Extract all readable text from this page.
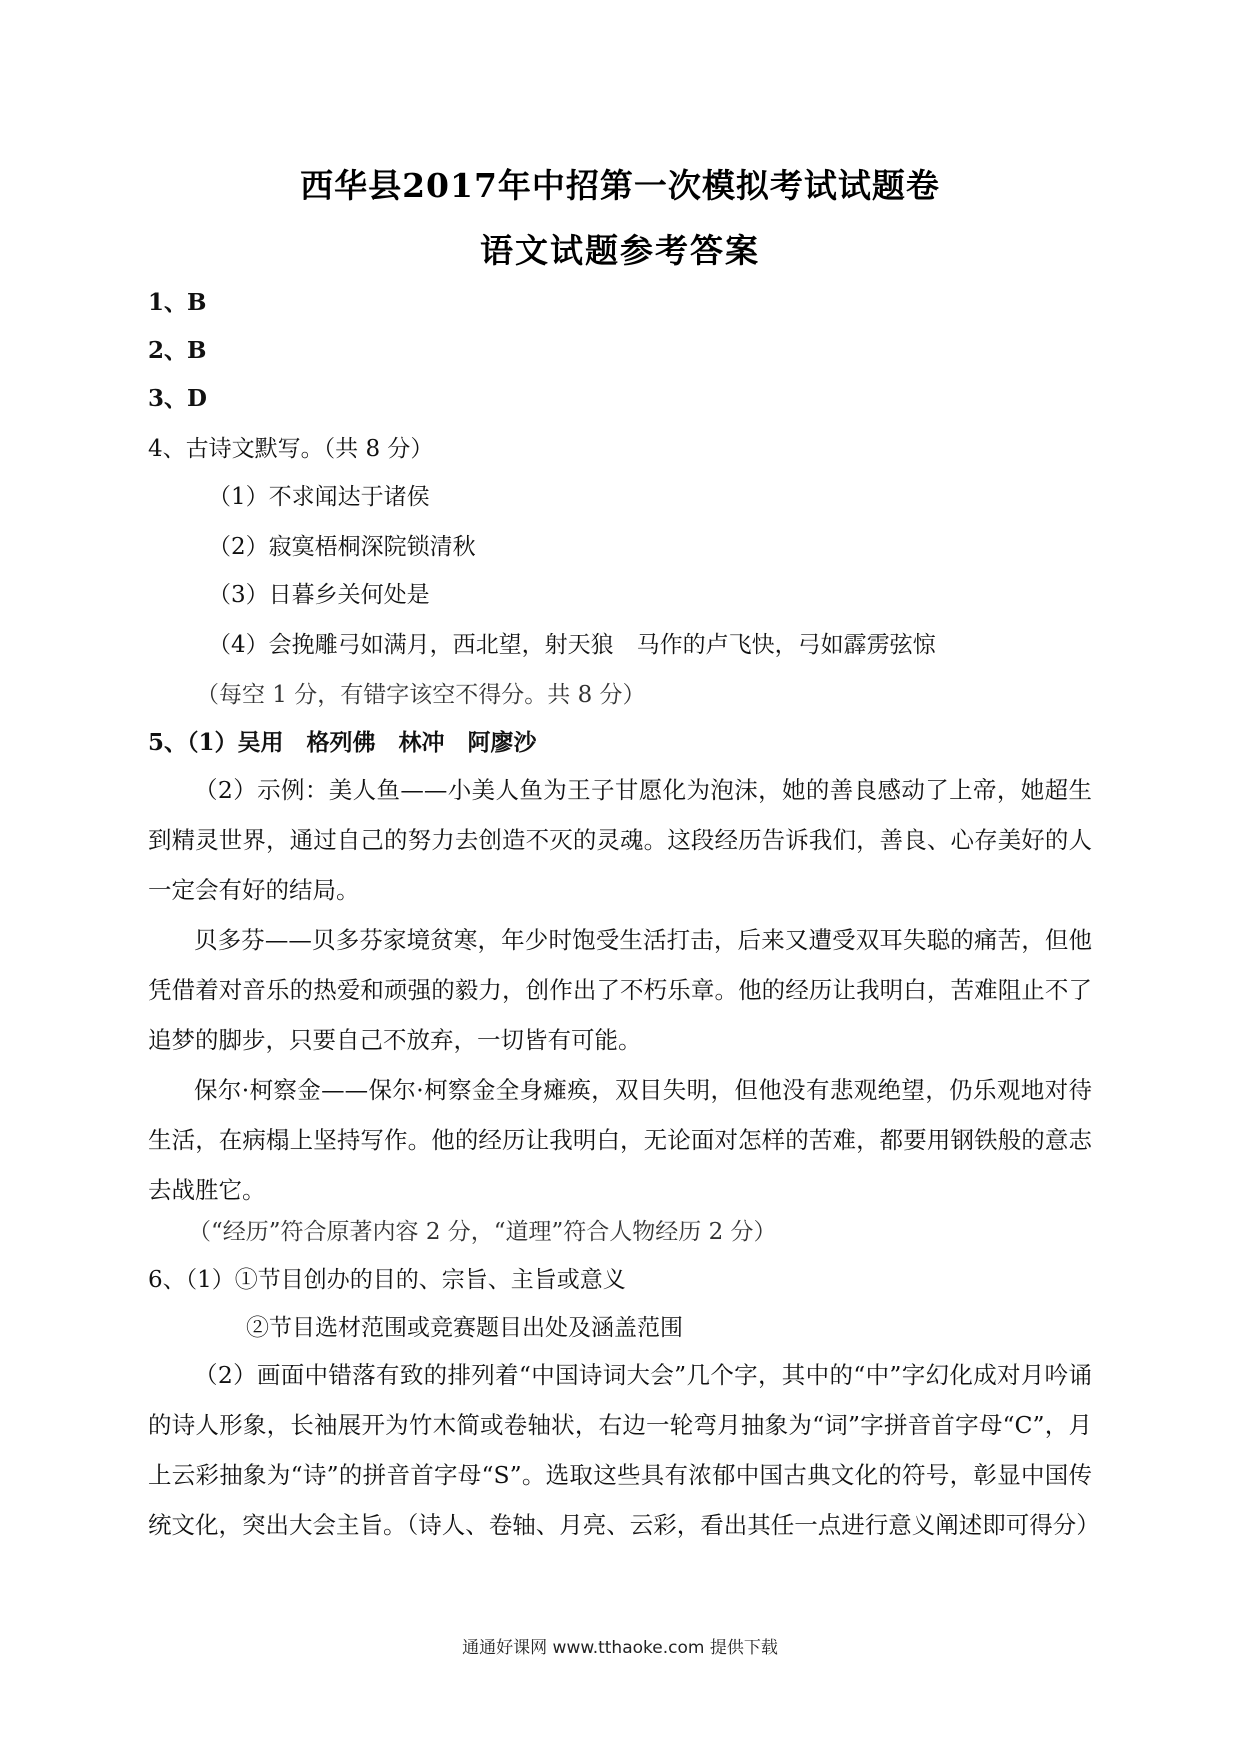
西华县2017年中招第一次模拟考试试题卷
语文试题参考答案
1、B
2、B
3、D
4、古诗文默写。（共 8 分）
（1）不求闻达于诸侯
（2）寂寞梧桐深院锁清秋
（3）日暮乡关何处是
（4）会挽雕弓如满月，西北望，射天狼　马作的卢飞快，弓如霹雳弦惊
（每空 1 分，有错字该空不得分。共 8 分）
5、（1）吴用　格列佛　林冲　阿廖沙
（2）示例：美人鱼——小美人鱼为王子甘愿化为泡沫，她的善良感动了上帝，她超生到精灵世界，通过自己的努力去创造不灭的灵魂。这段经历告诉我们，善良、心存美好的人一定会有好的结局。
贝多芬——贝多芬家境贫寒，年少时饱受生活打击，后来又遭受双耳失聪的痛苦，但他凭借着对音乐的热爱和顽强的毅力，创作出了不朽乐章。他的经历让我明白，苦难阻止不了追梦的脚步，只要自己不放弃，一切皆有可能。
保尔·柯察金——保尔·柯察金全身瘫痪，双目失明，但他没有悲观绝望，仍乐观地对待生活，在病榻上坚持写作。他的经历让我明白，无论面对怎样的苦难，都要用钢铁般的意志去战胜它。
（“经历”符合原著内容 2 分，“道理”符合人物经历 2 分）
6、（1）①节目创办的目的、宗旨、主旨或意义
②节目选材范围或竞赛题目出处及涵盖范围
（2）画面中错落有致的排列着“中国诗词大会”几个字，其中的“中”字幻化成对月吟诵的诗人形象，长袖展开为竹木简或卷轴状，右边一轮弯月抽象为“词”字拼音首字母“C”，月上云彩抽象为“诗”的拼音首字母“S”。选取这些具有浓郁中国古典文化的符号，彰显中国传统文化，突出大会主旨。（诗人、卷轴、月亮、云彩，看出其任一点进行意义阐述即可得分）
通通好课网 www.tthaoke.com 提供下载
